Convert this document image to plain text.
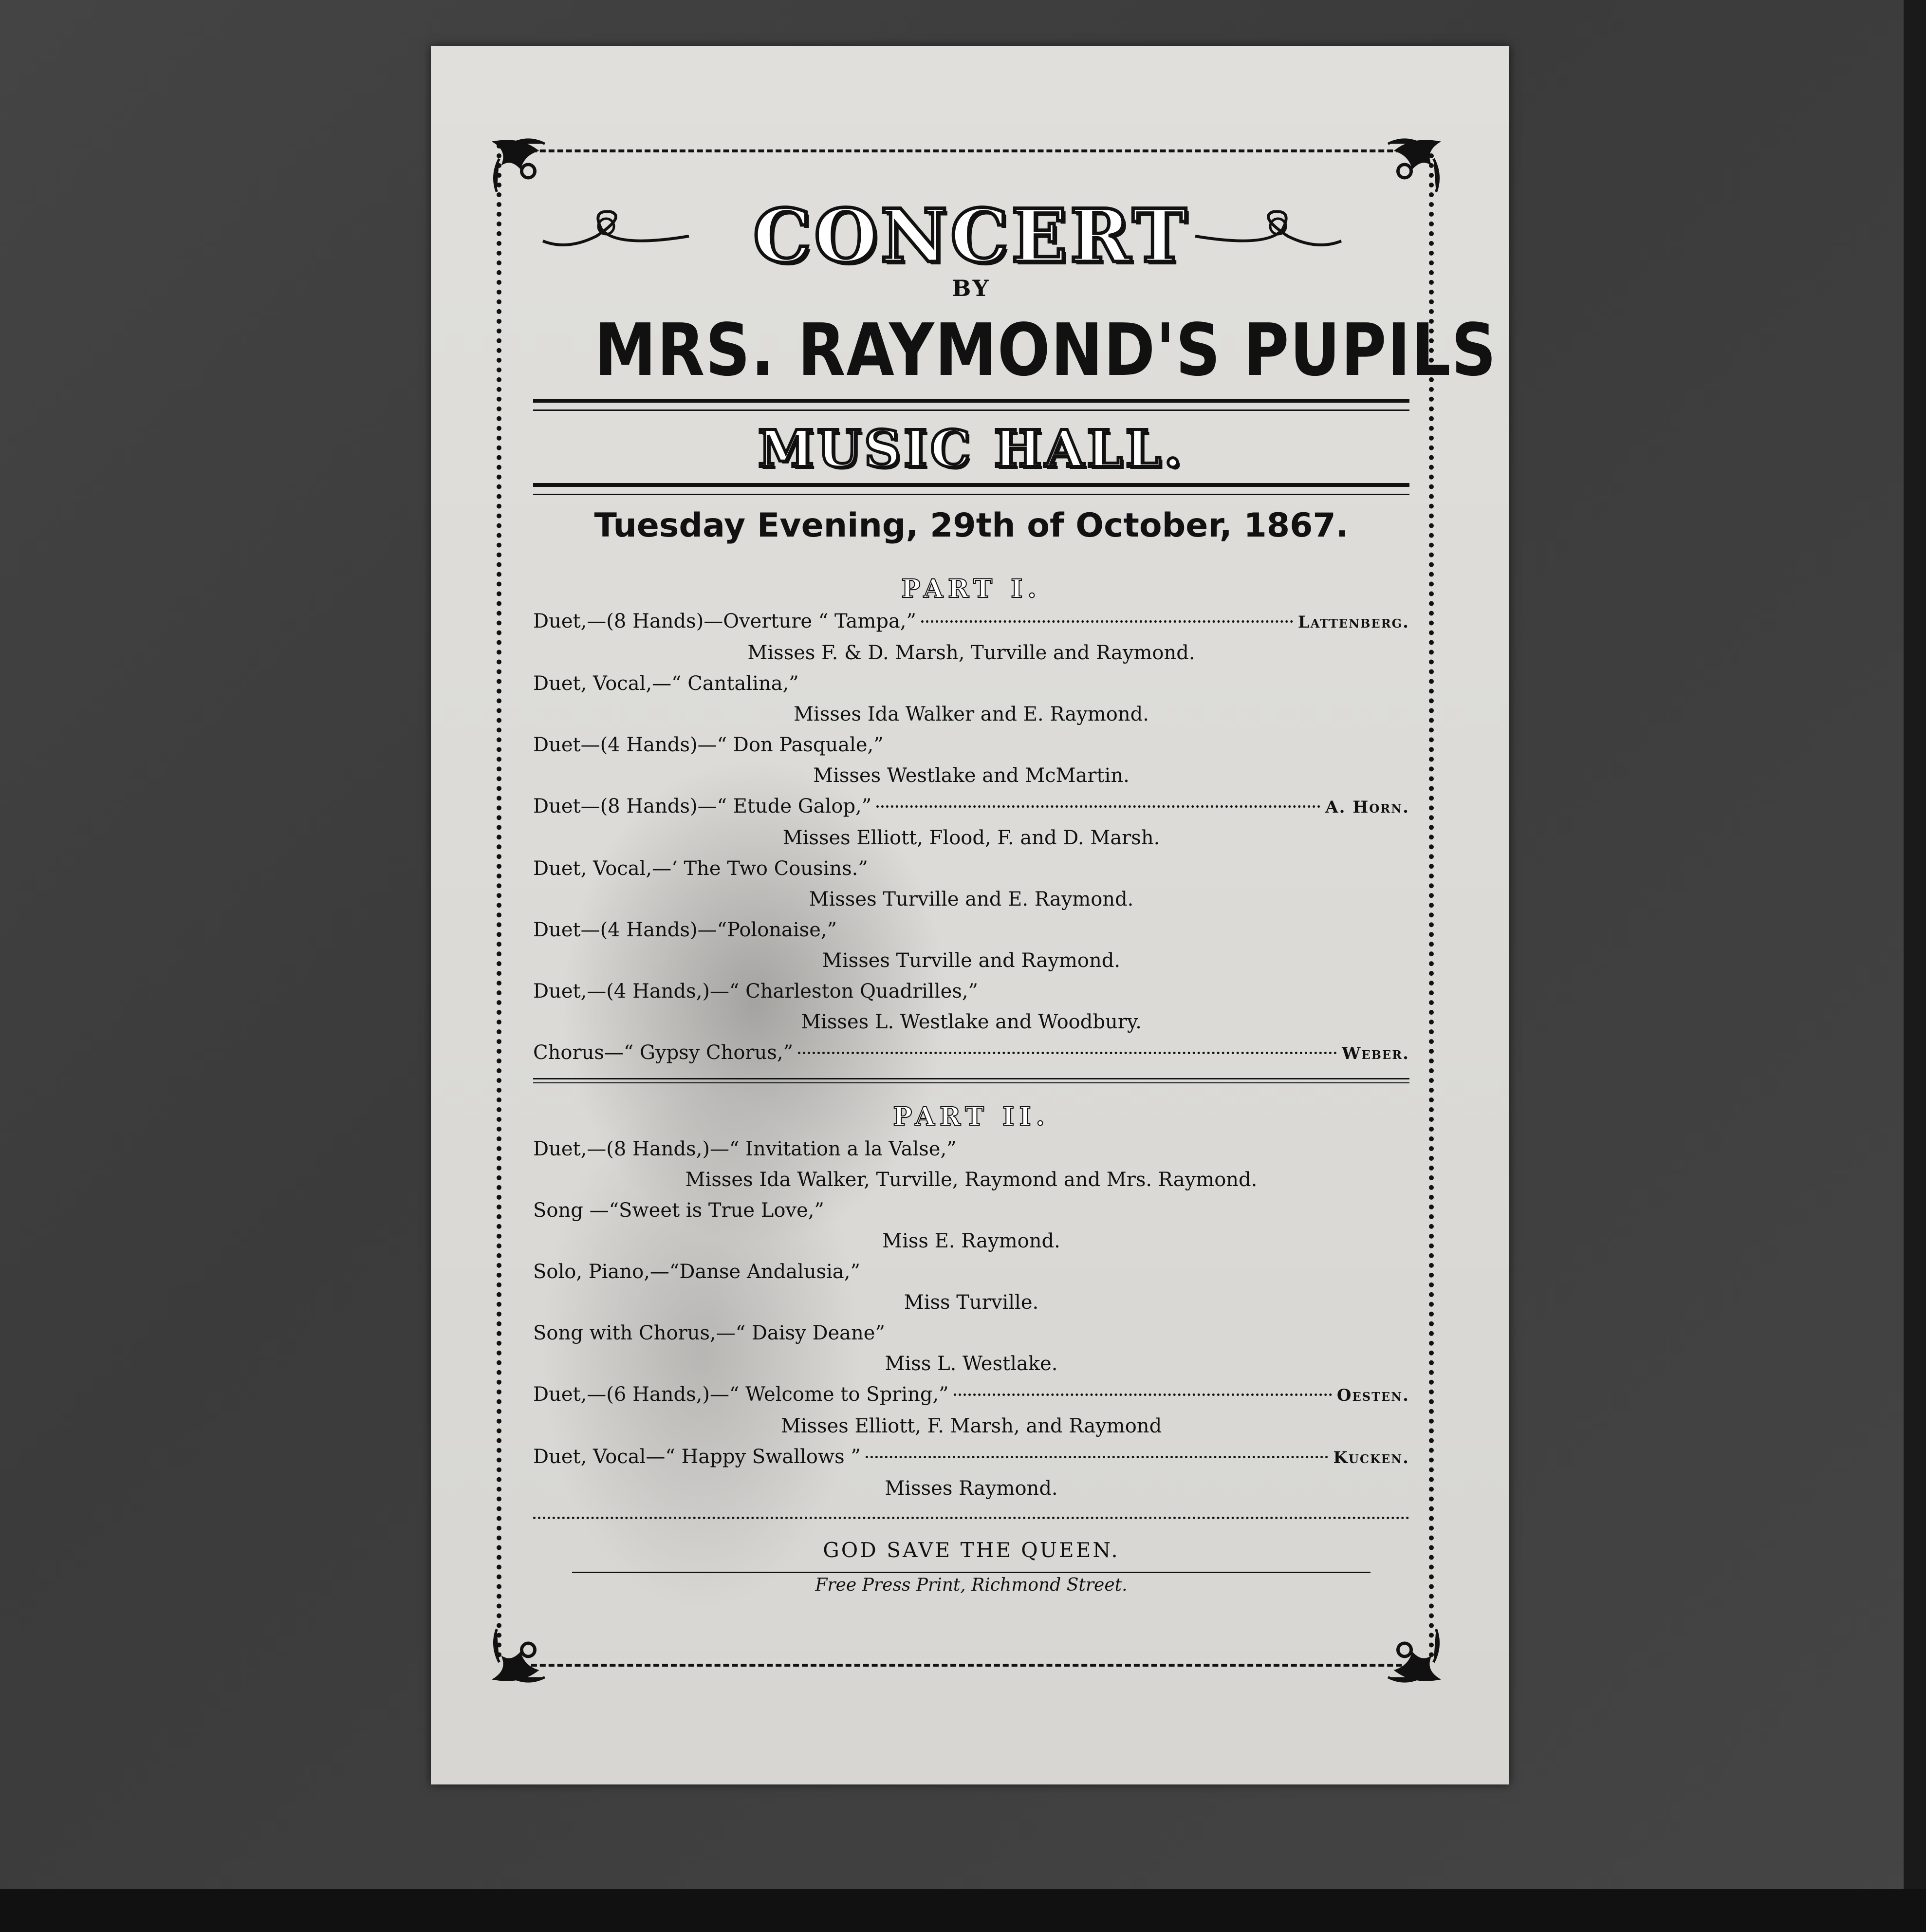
CONCERT
BY
MRS. RAYMOND'S PUPILS
MUSIC HALL.
Tuesday Evening, 29th of October, 1867.
PART I.
Duet,—(8 Hands)—Overture “ Tampa,”	Lattenberg.
Misses F. & D. Marsh, Turville and Raymond.
Duet, Vocal,—“ Cantalina,”
Misses Ida Walker and E. Raymond.
Duet—(4 Hands)—“ Don Pasquale,”
Misses Westlake and McMartin.
Duet—(8 Hands)—“ Etude Galop,”	A. Horn.
Misses Elliott, Flood, F. and D. Marsh.
Duet, Vocal,—‘ The Two Cousins.”
Misses Turville and E. Raymond.
Duet—(4 Hands)—“Polonaise,”
Misses Turville and Raymond.
Duet,—(4 Hands,)—“ Charleston Quadrilles,”
Misses L. Westlake and Woodbury.
Chorus—“ Gypsy Chorus,”	Weber.
PART II.
Duet,—(8 Hands,)—“ Invitation a la Valse,”
Misses Ida Walker, Turville, Raymond and Mrs. Raymond.
Song —“Sweet is True Love,”
Miss E. Raymond.
Solo, Piano,—“Danse Andalusia,”
Miss Turville.
Song with Chorus,—“ Daisy Deane”
Miss L. Westlake.
Duet,—(6 Hands,)—“ Welcome to Spring,”	Oesten.
Misses Elliott, F. Marsh, and Raymond
Duet, Vocal—“ Happy Swallows ”	Kucken.
Misses Raymond.
GOD SAVE THE QUEEN.
Free Press Print, Richmond Street.
